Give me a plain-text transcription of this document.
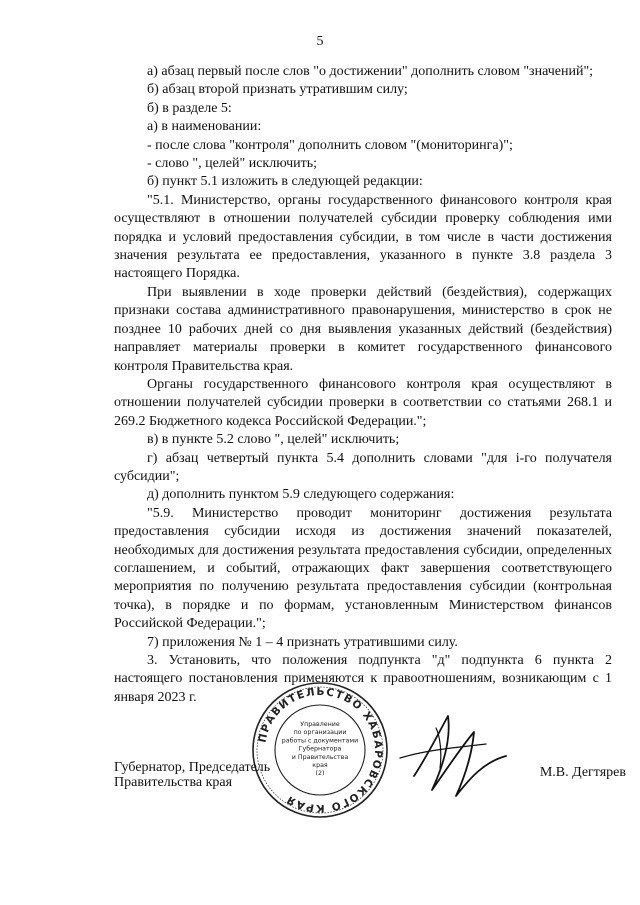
5

а) абзац первый после слов "о достижении" дополнить словом "значений";

б) абзац второй признать утратившим силу;

б) в разделе 5:

а) в наименовании:

- после слова "контроля" дополнить словом "(мониторинга)";

- слово ", целей" исключить;

б) пункт 5.1 изложить в следующей редакции:

"5.1. Министерство, органы государственного финансового контроля края осуществляют в отношении получателей субсидии проверку соблюдения ими порядка и условий предоставления субсидии, в том числе в части достижения значения результата ее предоставления, указанного в пункте 3.8 раздела 3 настоящего Порядка.

При выявлении в ходе проверки действий (бездействия), содержащих признаки состава административного правонарушения, министерство в срок не позднее 10 рабочих дней со дня выявления указанных действий (бездействия) направляет материалы проверки в комитет государственного финансового контроля Правительства края.

Органы государственного финансового контроля края осуществляют в отношении получателей субсидии проверки в соответствии со статьями 268.1 и 269.2 Бюджетного кодекса Российской Федерации.";

в) в пункте 5.2 слово ", целей" исключить;

г) абзац четвертый пункта 5.4 дополнить словами "для i-го получателя субсидии";

д) дополнить пунктом 5.9 следующего содержания:

"5.9. Министерство проводит мониторинг достижения результата предоставления субсидии исходя из достижения значений показателей, необходимых для достижения результата предоставления субсидии, определенных соглашением, и событий, отражающих факт завершения соответствующего мероприятия по получению результата предоставления субсидии (контрольная точка), в порядке и по формам, установленным Министерством финансов Российской Федерации.";

7) приложения № 1 – 4 признать утратившими силу.

3. Установить, что положения подпункта "д" подпункта 6 пункта 2 настоящего постановления применяются к правоотношениям, возникающим с 1 января 2023 г.

ПРАВИТЕЛЬСТВО ХАБАРОВСКОГО КРАЯ
Управление по организации работы с документами Губернатора и Правительства края (2)
Губернатор, Председатель
Правительства края
М.В. Дегтярев
